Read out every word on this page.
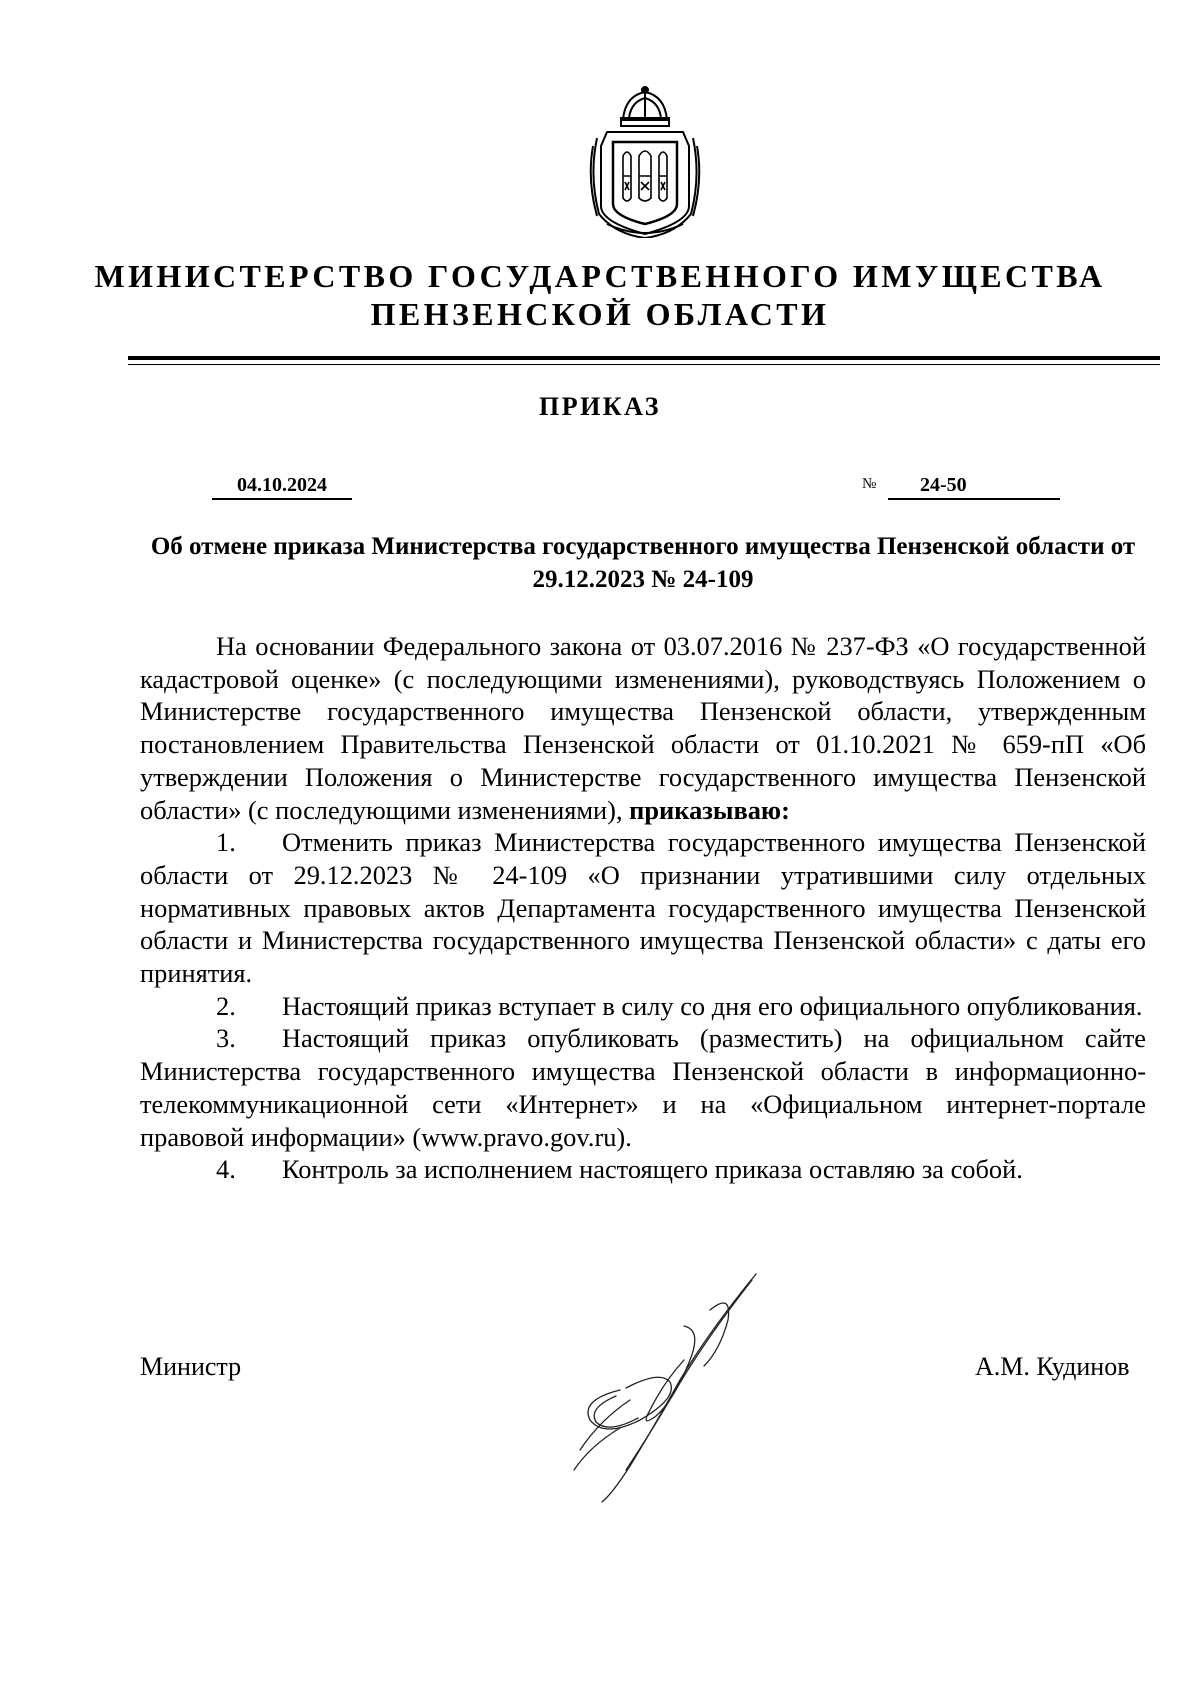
МИНИСТЕРСТВО ГОСУДАРСТВЕННОГО ИМУЩЕСТВА
ПЕНЗЕНСКОЙ ОБЛАСТИ
ПРИКАЗ
04.10.2024	№	24-50
Об отмене приказа Министерства государственного имущества Пензенской области от 29.12.2023 № 24-109

На основании Федерального закона от 03.07.2016 № 237-ФЗ «О государственной кадастровой оценке» (с последующими изменениями), руководствуясь Положением о Министерстве государственного имущества Пензенской области, утвержденным постановлением Правительства Пензенской области от 01.10.2021 № 659-пП «Об утверждении Положения о Министерстве государственного имущества Пензенской области» (с последующими изменениями), приказываю:

1. Отменить приказ Министерства государственного имущества Пензенской области от 29.12.2023 № 24-109 «О признании утратившими силу отдельных нормативных правовых актов Департамента государственного имущества Пензенской области и Министерства государственного имущества Пензенской области» с даты его принятия.

2. Настоящий приказ вступает в силу со дня его официального опубликования.

3. Настоящий приказ опубликовать (разместить) на официальном сайте Министерства государственного имущества Пензенской области в информационно-телекоммуникационной сети «Интернет» и на «Официальном интернет-портале правовой информации» (www.pravo.gov.ru).

4. Контроль за исполнением настоящего приказа оставляю за собой.

Министр	А.М. Кудинов
